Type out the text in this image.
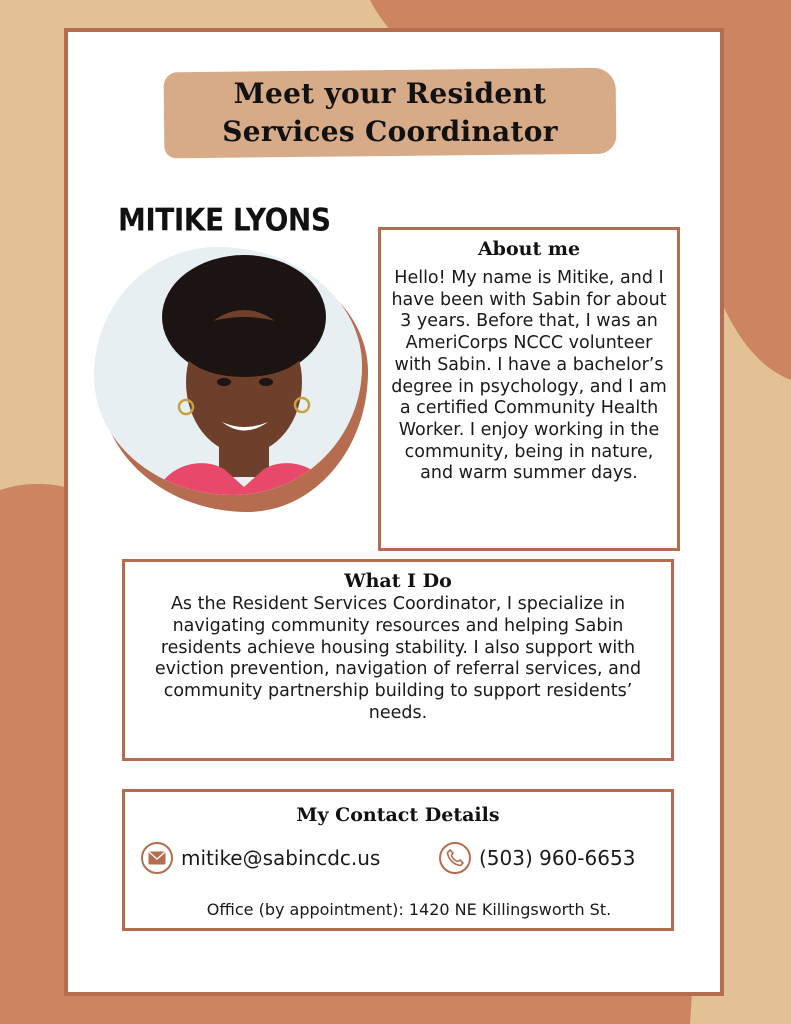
Meet your Resident
Services Coordinator
MITIKE LYONS
About me

Hello! My name is Mitike, and I have been with Sabin for about 3 years. Before that, I was an AmeriCorps NCCC volunteer with Sabin. I have a bachelor’s degree in psychology, and I am a certified Community Health Worker. I enjoy working in the community, being in nature, and warm summer days.

What I Do

As the Resident Services Coordinator, I specialize in navigating community resources and helping Sabin residents achieve housing stability. I also support with eviction prevention, navigation of referral services, and community partnership building to support residents’ needs.

My Contact Details
mitike@sabincdc.us	(503) 960-6653
Office (by appointment): 1420 NE Killingsworth St.
